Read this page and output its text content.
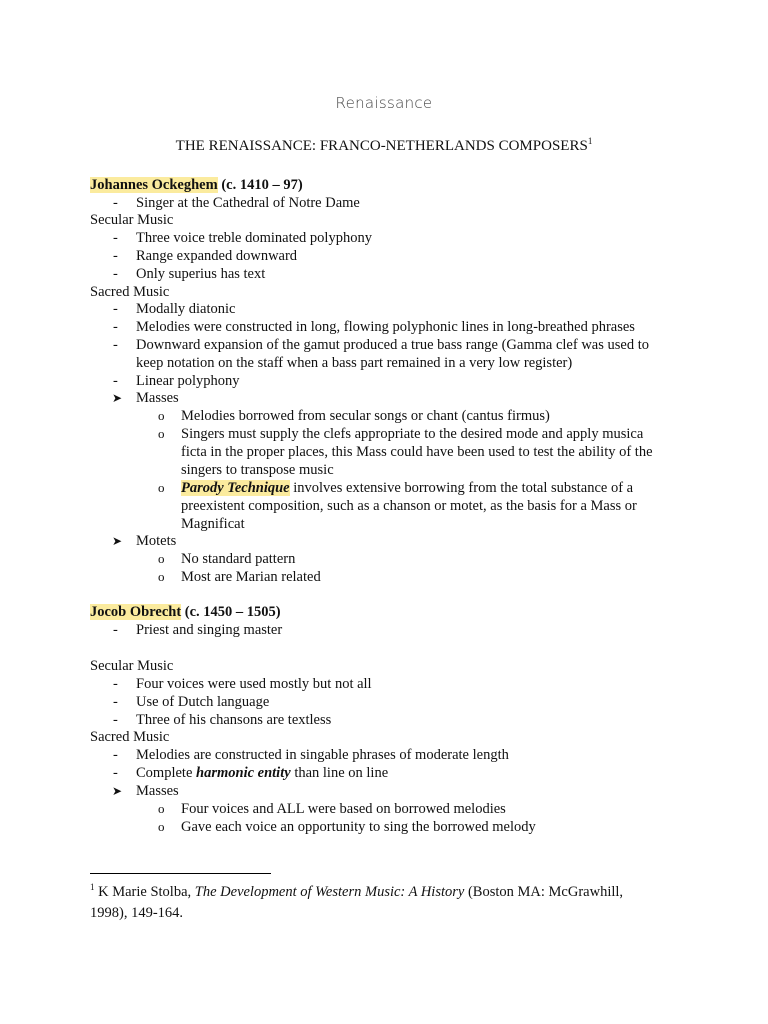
Renaissance
THE RENAISSANCE: FRANCO-NETHERLANDS COMPOSERS$^1$
Johannes Ockeghem (c. 1410 – 97)
- Singer at the Cathedral of Notre Dame
Secular Music
- Three voice treble dominated polyphony
- Range expanded downward
- Only superius has text
Sacred Music
- Modally diatonic
- Melodies were constructed in long, flowing polyphonic lines in long-breathed phrases
- Downward expansion of the gamut produced a true bass range (Gamma clef was used to
keep notation on the staff when a bass part remained in a very low register)
- Linear polyphony
➤ Masses
o Melodies borrowed from secular songs or chant (cantus firmus)
o Singers must supply the clefs appropriate to the desired mode and apply musica
ficta in the proper places, this Mass could have been used to test the ability of the
singers to transpose music
o Parody Technique involves extensive borrowing from the total substance of a
preexistent composition, such as a chanson or motet, as the basis for a Mass or
Magnificat
➤ Motets
o No standard pattern
o Most are Marian related
Jocob Obrecht (c. 1450 – 1505)
- Priest and singing master
Secular Music
- Four voices were used mostly but not all
- Use of Dutch language
- Three of his chansons are textless
Sacred Music
- Melodies are constructed in singable phrases of moderate length
- Complete harmonic entity than line on line
➤ Masses
o Four voices and ALL were based on borrowed melodies
o Gave each voice an opportunity to sing the borrowed melody
$^1$ K Marie Stolba, The Development of Western Music: A History (Boston MA: McGrawhill,
1998), 149-164.
